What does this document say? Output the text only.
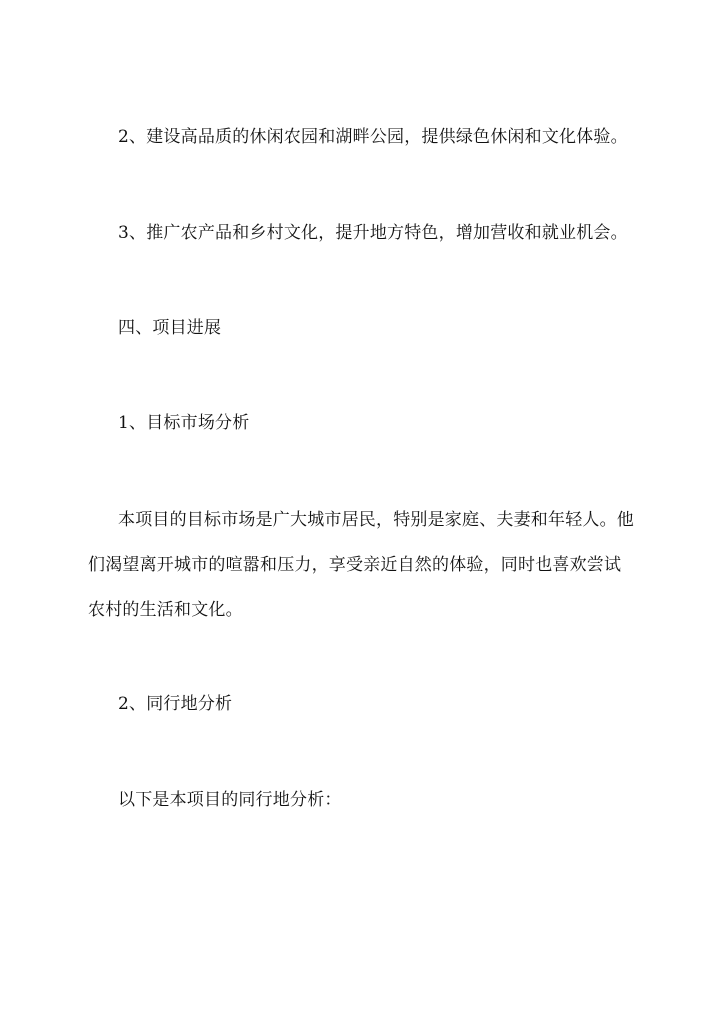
2、建设高品质的休闲农园和湖畔公园，提供绿色休闲和文化体验。
3、推广农产品和乡村文化，提升地方特色，增加营收和就业机会。
四、项目进展
1、目标市场分析
本项目的目标市场是广大城市居民，特别是家庭、夫妻和年轻人。他们渴望离开城市的喧嚣和压力，享受亲近自然的体验，同时也喜欢尝试农村的生活和文化。
2、同行地分析
以下是本项目的同行地分析：
